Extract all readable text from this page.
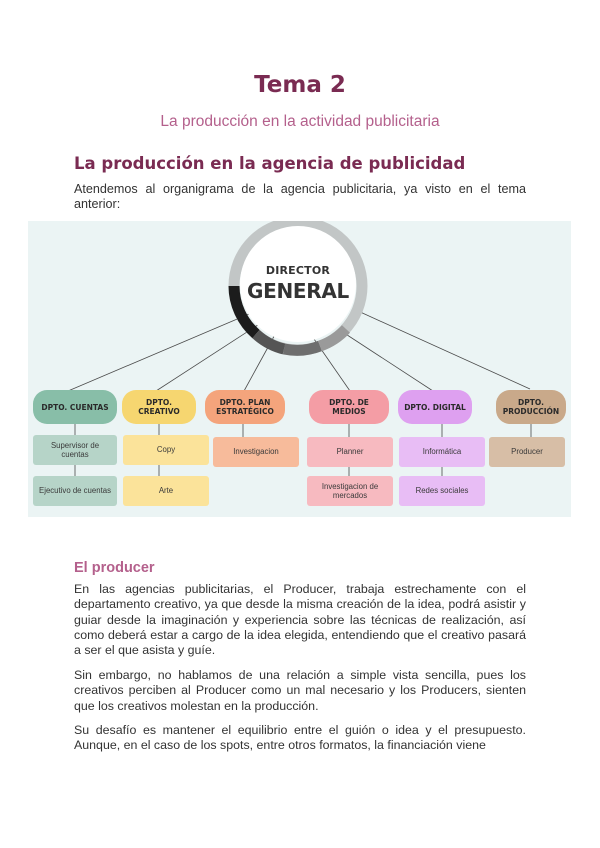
Tema 2
La producción en la actividad publicitaria
La producción en la agencia de publicidad
Atendemos al organigrama de la agencia publicitaria, ya visto en el tema anterior:
DIRECTOR
GENERAL
DPTO. CUENTAS	DPTO. CREATIVO
DPTO. PLAN ESTRATÉGICO
DPTO. DE MEDIOS	DPTO. DIGITAL	DPTO. PRODUCCIÓN
Supervisor de cuentas
Ejecutivo de cuentas
Copy
Arte
Investigacion	Planner
Investigacion de mercados
Informática
Redes sociales
Producer
El producer

En las agencias publicitarias, el Producer, trabaja estrechamente con el departamento creativo, ya que desde la misma creación de la idea, podrá asistir y guiar desde la imaginación y experiencia sobre las técnicas de realización, así como deberá estar a cargo de la idea elegida, entendiendo que el creativo pasará a ser el que asista y guíe.

Sin embargo, no hablamos de una relación a simple vista sencilla, pues los creativos perciben al Producer como un mal necesario y los Producers, sienten que los creativos molestan en la producción.

Su desafío es mantener el equilibrio entre el guión o idea y el presupuesto. Aunque, en el caso de los spots, entre otros formatos, la financiación viene
